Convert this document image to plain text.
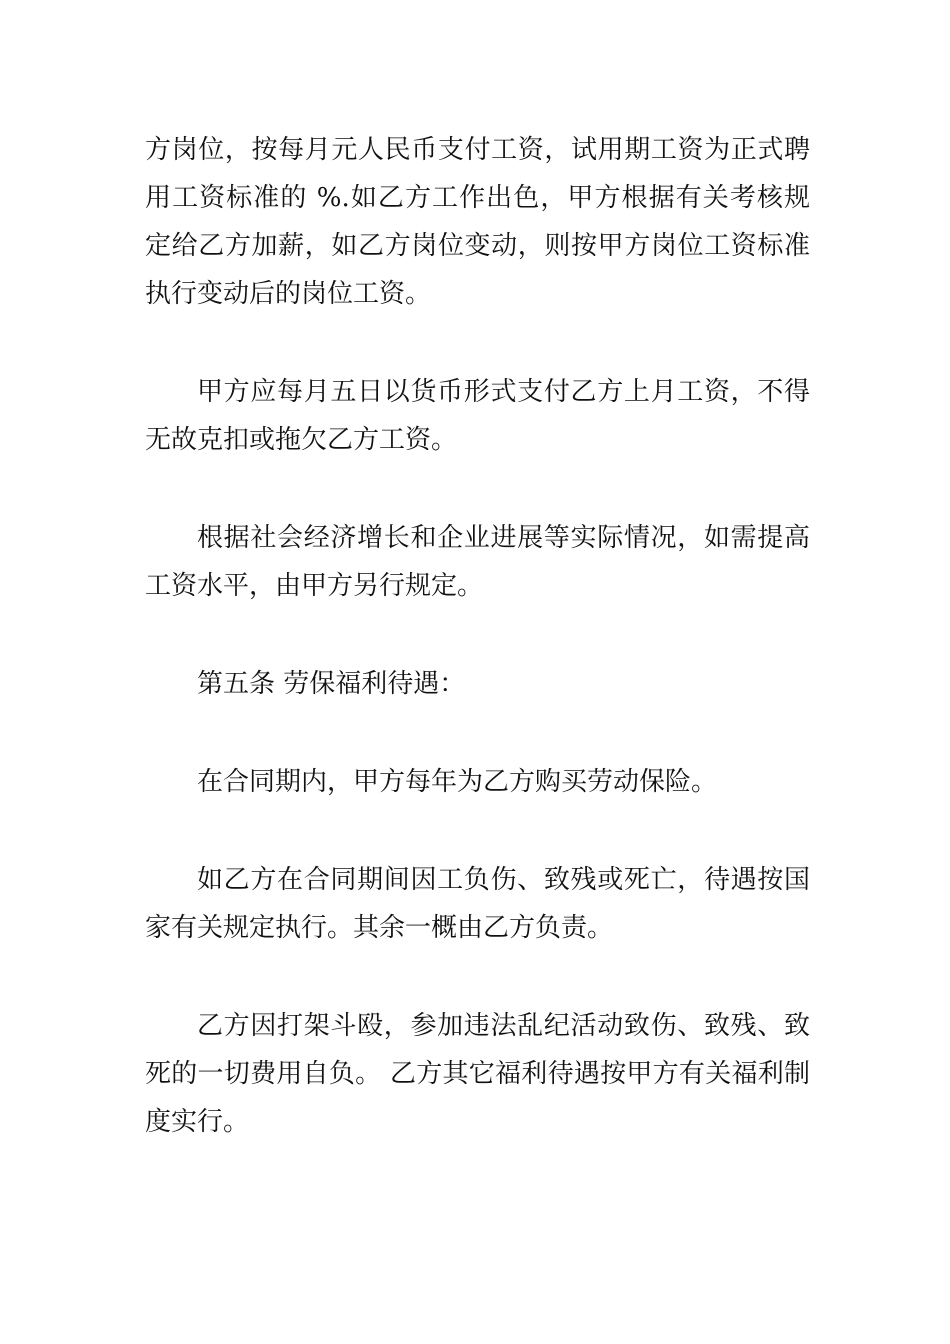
方岗位，按每月元人民币支付工资，试用期工资为正式聘用工资标准的 %.如乙方工作出色，甲方根据有关考核规定给乙方加薪，如乙方岗位变动，则按甲方岗位工资标准执行变动后的岗位工资。

甲方应每月五日以货币形式支付乙方上月工资，不得无故克扣或拖欠乙方工资。

根据社会经济增长和企业进展等实际情况，如需提高工资水平，由甲方另行规定。

第五条 劳保福利待遇：

在合同期内，甲方每年为乙方购买劳动保险。

如乙方在合同期间因工负伤、致残或死亡，待遇按国家有关规定执行。其余一概由乙方负责。

乙方因打架斗殴，参加违法乱纪活动致伤、致残、致死的一切费用自负。 乙方其它福利待遇按甲方有关福利制度实行。
